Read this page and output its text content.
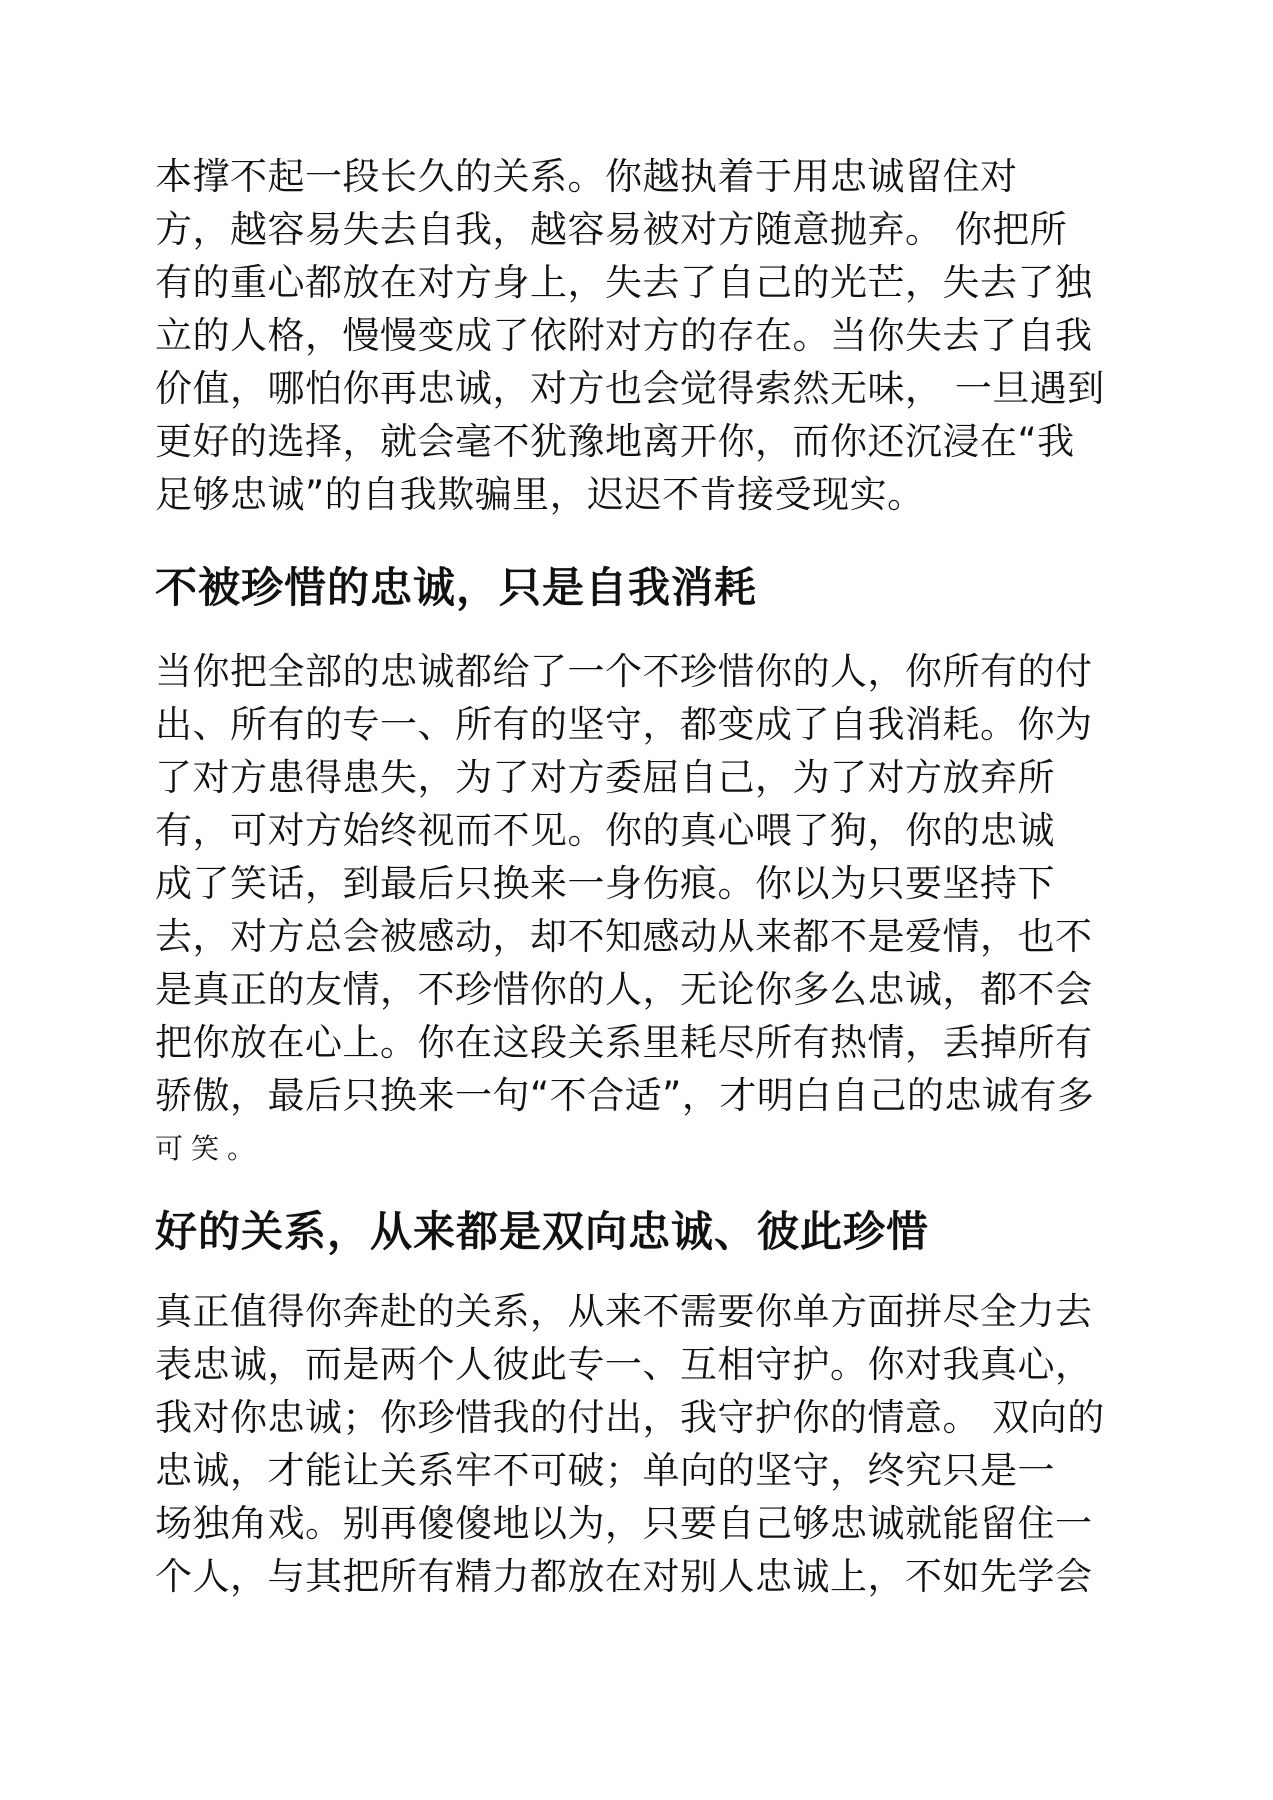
本撑不起一段长久的关系。你越执着于用忠诚留住对
方，越容易失去自我，越容易被对方随意抛弃。 你把所
有的重心都放在对方身上，失去了自己的光芒，失去了独
立的人格，慢慢变成了依附对方的存在。当你失去了自我
价值，哪怕你再忠诚，对方也会觉得索然无味， 一旦遇到
更好的选择，就会毫不犹豫地离开你，而你还沉浸在“我
足够忠诚”的自我欺骗里，迟迟不肯接受现实。
不被珍惜的忠诚，只是自我消耗
当你把全部的忠诚都给了一个不珍惜你的人，你所有的付
出、所有的专一、所有的坚守，都变成了自我消耗。你为
了对方患得患失，为了对方委屈自己，为了对方放弃所
有，可对方始终视而不见。你的真心喂了狗，你的忠诚
成了笑话，到最后只换来一身伤痕。你以为只要坚持下
去，对方总会被感动，却不知感动从来都不是爱情，也不
是真正的友情，不珍惜你的人，无论你多么忠诚，都不会
把你放在心上。你在这段关系里耗尽所有热情，丢掉所有
骄傲，最后只换来一句“不合适”，才明白自己的忠诚有多
可笑。
好的关系，从来都是双向忠诚、彼此珍惜
真正值得你奔赴的关系，从来不需要你单方面拼尽全力去
表忠诚，而是两个人彼此专一、互相守护。你对我真心，
我对你忠诚；你珍惜我的付出，我守护你的情意。 双向的
忠诚，才能让关系牢不可破；单向的坚守，终究只是一
场独角戏。别再傻傻地以为，只要自己够忠诚就能留住一
个人，与其把所有精力都放在对别人忠诚上，不如先学会
